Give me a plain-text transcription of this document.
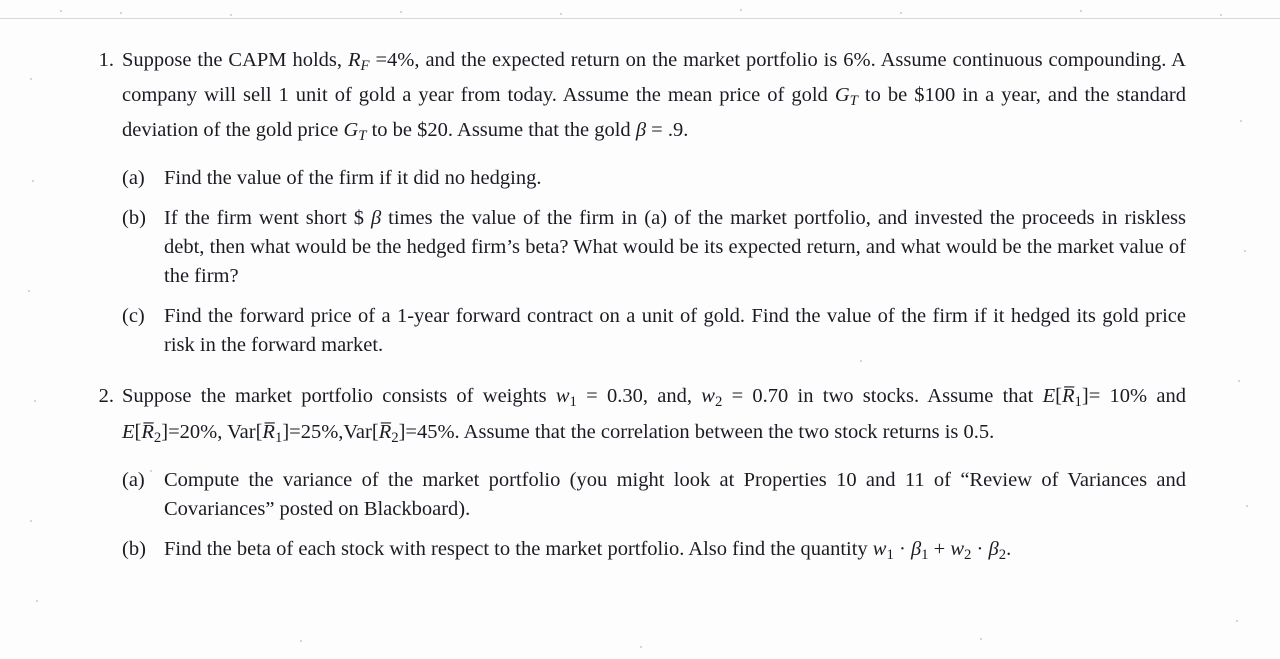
1. Suppose the CAPM holds, $R_F =4\%$, and the expected return on the market portfolio is 6%. Assume continuous compounding. A company will sell 1 unit of gold a year from today. Assume the mean price of gold $G_T$ to be $100 in a year, and the standard deviation of the gold price $G_T$ to be $20. Assume that the gold β = .9.
(a) Find the value of the firm if it did no hedging.
(b) If the firm went short $ β times the value of the firm in (a) of the market portfolio, and invested the proceeds in riskless debt, then what would be the hedged firm’s beta? What would be its expected return, and what would be the market value of the firm?
(c) Find the forward price of a 1-year forward contract on a unit of gold. Find the value of the firm if it hedged its gold price risk in the forward market.
2. Suppose the market portfolio consists of weights $w_1 = 0.30$, and, $w_2 = 0.70$ in two stocks. Assume that $E[R̅_1]= 10\%$ and $E[R̅_2]=20\%$, $Var[R̅_1]=25\%,Var[R̅_2]=45\%$. Assume that the correlation between the two stock returns is 0.5.
(a) Compute the variance of the market portfolio (you might look at Properties 10 and 11 of “Review of Variances and Covariances” posted on Blackboard).
(b) Find the beta of each stock with respect to the market portfolio. Also find the quantity $w_1 \cdot \beta_1 + w_2 \cdot \beta_2$.
